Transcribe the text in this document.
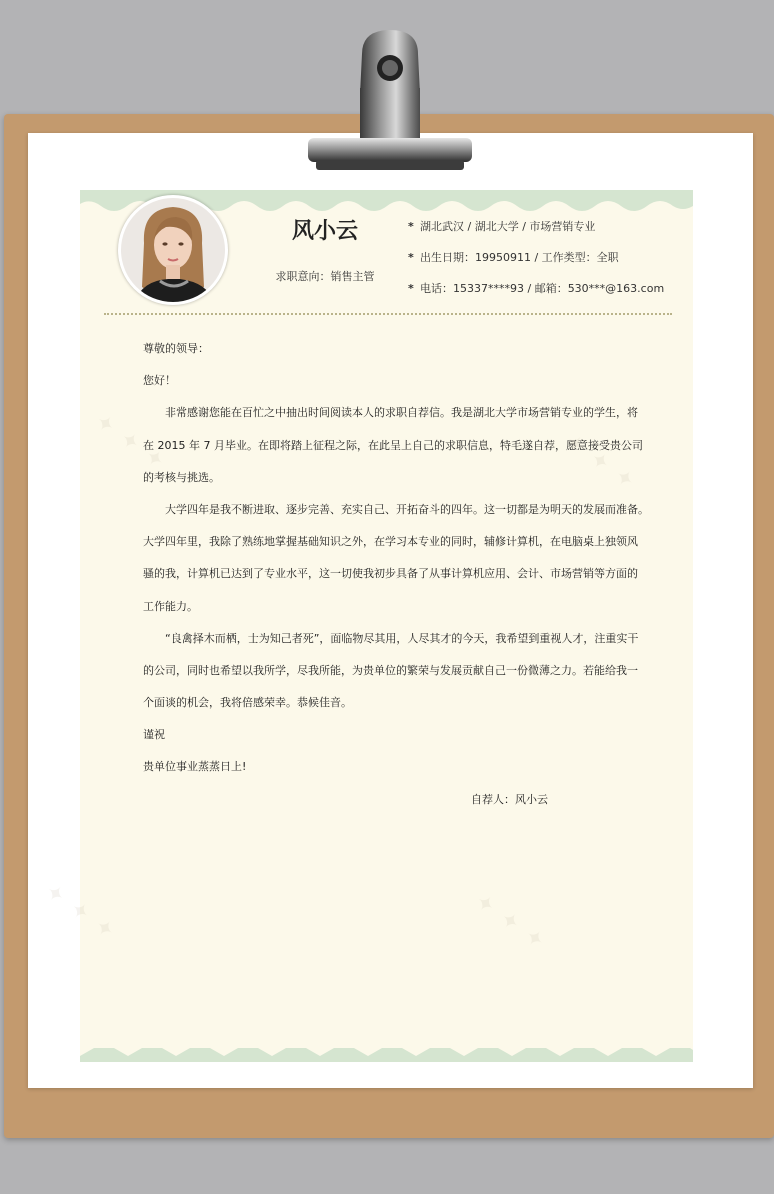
风小云
求职意向：销售主管
* 湖北武汉 / 湖北大学 / 市场营销专业
* 出生日期：19950911 / 工作类型：全职
* 电话：15337****93 / 邮箱：530***@163.com
尊敬的领导：
您好！
非常感谢您能在百忙之中抽出时间阅读本人的求职自荐信。我是湖北大学市场营销专业的学生，将
在 2015 年 7 月毕业。在即将踏上征程之际，在此呈上自己的求职信息，特毛遂自荐，愿意接受贵公司
的考核与挑选。
大学四年是我不断进取、逐步完善、充实自己、开拓奋斗的四年。这一切都是为明天的发展而准备。
大学四年里，我除了熟练地掌握基础知识之外，在学习本专业的同时，辅修计算机，在电脑桌上独领风
骚的我，计算机已达到了专业水平，这一切使我初步具备了从事计算机应用、会计、市场营销等方面的
工作能力。
“良禽择木而栖，士为知己者死”，面临物尽其用，人尽其才的今天，我希望到重视人才，注重实干
的公司，同时也希望以我所学，尽我所能，为贵单位的繁荣与发展贡献自己一份微薄之力。若能给我一
个面谈的机会，我将倍感荣幸。恭候佳音。
谨祝
贵单位事业蒸蒸日上!
自荐人：风小云
✦ ✦ ✦	✦ ✦ ✦
✦ ✦ ✦	✦ ✦ ✦
